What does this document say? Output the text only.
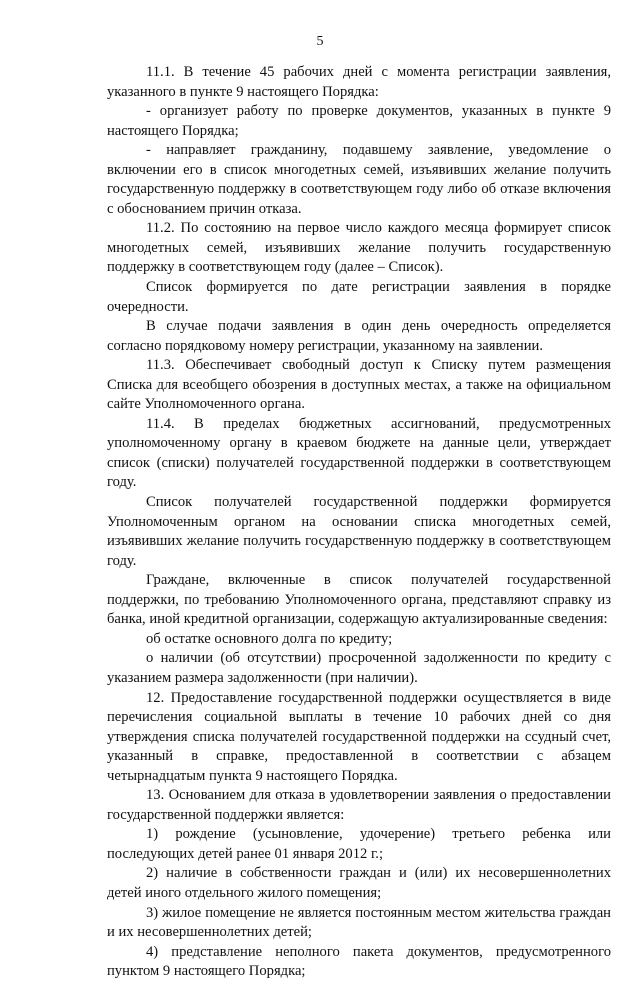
5

11.1. В течение 45 рабочих дней с момента регистрации заявления, указанного в пункте 9 настоящего Порядка:

- организует работу по проверке документов, указанных в пункте 9 настоящего Порядка;

- направляет гражданину, подавшему заявление, уведомление о включении его в список многодетных семей, изъявивших желание получить государственную поддержку в соответствующем году либо об отказе включения с обоснованием причин отказа.

11.2. По состоянию на первое число каждого месяца формирует список многодетных семей, изъявивших желание получить государственную поддержку в соответствующем году (далее – Список).

Список формируется по дате регистрации заявления в порядке очередности.

В случае подачи заявления в один день очередность определяется согласно порядковому номеру регистрации, указанному на заявлении.

11.3. Обеспечивает свободный доступ к Списку путем размещения Списка для всеобщего обозрения в доступных местах, а также на официальном сайте Уполномоченного органа.

11.4. В пределах бюджетных ассигнований, предусмотренных уполномоченному органу в краевом бюджете на данные цели, утверждает список (списки) получателей государственной поддержки в соответствующем году.

Список получателей государственной поддержки формируется Уполномоченным органом на основании списка многодетных семей, изъявивших желание получить государственную поддержку в соответствующем году.

Граждане, включенные в список получателей государственной поддержки, по требованию Уполномоченного органа, представляют справку из банка, иной кредитной организации, содержащую актуализированные сведения:

об остатке основного долга по кредиту;

о наличии (об отсутствии) просроченной задолженности по кредиту с указанием размера задолженности (при наличии).

12. Предоставление государственной поддержки осуществляется в виде перечисления социальной выплаты в течение 10 рабочих дней со дня утверждения списка получателей государственной поддержки на ссудный счет, указанный в справке, предоставленной в соответствии с абзацем четырнадцатым пункта 9 настоящего Порядка.

13. Основанием для отказа в удовлетворении заявления о предоставлении государственной поддержки является:

1) рождение (усыновление, удочерение) третьего ребенка или последующих детей ранее 01 января 2012 г.;

2) наличие в собственности граждан и (или) их несовершеннолетних детей иного отдельного жилого помещения;

3) жилое помещение не является постоянным местом жительства граждан и их несовершеннолетних детей;

4) представление неполного пакета документов, предусмотренного пунктом 9 настоящего Порядка;
